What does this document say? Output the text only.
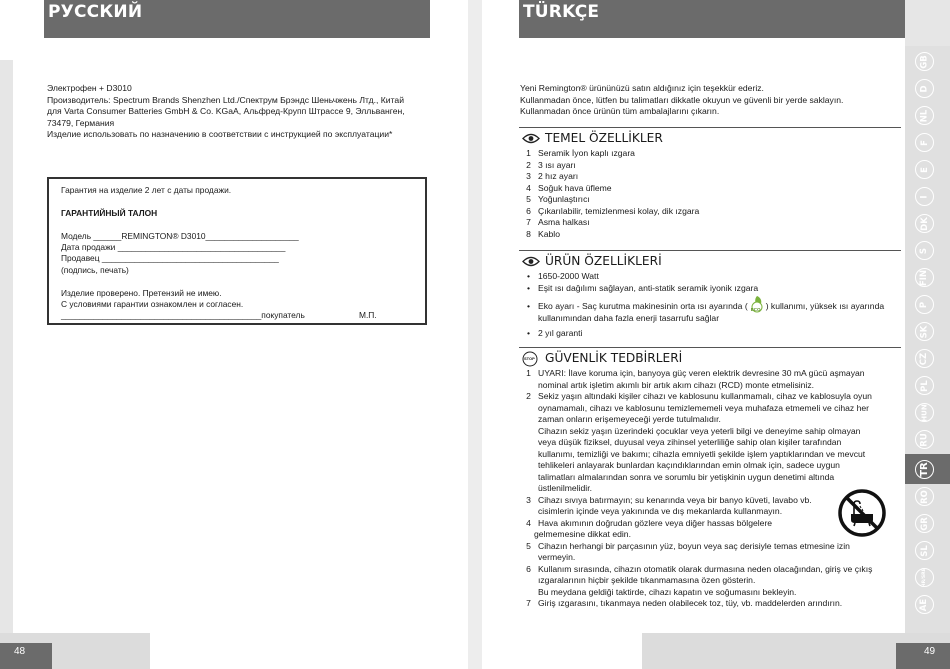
РУССКИЙ	TÜRKÇE
Электрофен + D3010
Производитель: Spectrum Brands Shenzhen Ltd./Спектрум Брэндс Шеньчжень Лтд., Китай
для Varta Consumer Batteries GmbH & Co. KGaA, Альфред-Крупп Штрассе 9, Элльванген,
73479, Германия
Изделие использовать по назначению в соответствии с инструкцией по эксплуатации*
Гарантия на изделие 2 лет с даты продажи.
ГАРАНТИЙНЫЙ ТАЛОН
Модель ______REMINGTON® D3010____________________
Дата продажи ____________________________________
Продавец ______________________________________
(подпись, печать)
Изделие проверено. Претензий не имею.
С условиями гарантии ознакомлен и согласен.
___________________________________________покупатель	М.П.
Yeni Remington® ürününüzü satın aldığınız için teşekkür ederiz.
Kullanmadan önce, lütfen bu talimatları dikkatle okuyun ve güvenli bir yerde saklayın.
Kullanmadan önce ürünün tüm ambalajlarını çıkarın.
TEMEL ÖZELLİKLER
1 Seramik İyon kaplı ızgara
2 3 ısı ayarı
3 2 hız ayarı
4 Soğuk hava üfleme
5 Yoğunlaştırıcı
6 Çıkarılabilir, temizlenmesi kolay, dik ızgara
7 Asma halkası
8 Kablo
ÜRÜN ÖZELLİKLERİ
• 1650-2000 Watt
• Eşit ısı dağılımı sağlayan, anti-statik seramik iyonik ızgara
• Eko ayarı - Saç kurutma makinesinin orta ısı ayarında ( ECO ) kullanımı, yüksek ısı ayarında
kullanımından daha fazla enerji tasarrufu sağlar
• 2 yıl garanti
STOP GÜVENLİK TEDBİRLERİ
1 UYARI: İlave koruma için, banyoya güç veren elektrik devresine 30 mA gücü aşmayan
nominal artık işletim akımlı bir artık akım cihazı (RCD) monte etmelisiniz.
2 Sekiz yaşın altındaki kişiler cihazı ve kablosunu kullanmamalı, cihaz ve kablosuyla oyun
oynamamalı, cihazı ve kablosunu temizlememeli veya muhafaza etmemeli ve cihaz her
zaman onların erişemeyeceği yerde tutulmalıdır.
Cihazın sekiz yaşın üzerindeki çocuklar veya yeterli bilgi ve deneyime sahip olmayan
veya düşük fiziksel, duyusal veya zihinsel yeterliliğe sahip olan kişiler tarafından
kullanımı, temizliği ve bakımı; cihazla emniyetli şekilde işlem yaptıklarından ve mevcut
tehlikeleri anlayarak bunlardan kaçındıklarından emin olmak için, sadece uygun
talimatları almalarından sonra ve sorumlu bir yetişkinin uygun denetimi altında
üstlenilmelidir.
3 Cihazı sıvıya batırmayın; su kenarında veya bir banyo küveti, lavabo vb.
cisimlerin içinde veya yakınında ve dış mekanlarda kullanmayın.
4 Hava akımının doğrudan gözlere veya diğer hassas bölgelere
gelmemesine dikkat edin.
5 Cihazın herhangi bir parçasının yüz, boyun veya saç derisiyle temas etmesine izin
vermeyin.
6 Kullanım sırasında, cihazın otomatik olarak durmasına neden olacağından, giriş ve çıkış
ızgaralarının hiçbir şekilde tıkanmamasına özen gösterin.
Bu meydana geldiği taktirde, cihazı kapatın ve soğumasını bekleyin.
7 Giriş ızgarasını, tıkanmaya neden olabilecek toz, tüy, vb. maddelerden arındırın.
GB
D
NL
F
E
I
DK
S
FIN
P
SK
CZ
PL
HUN
RU
TR
RO
GR
SL
HR/SRB
AE
48	49
